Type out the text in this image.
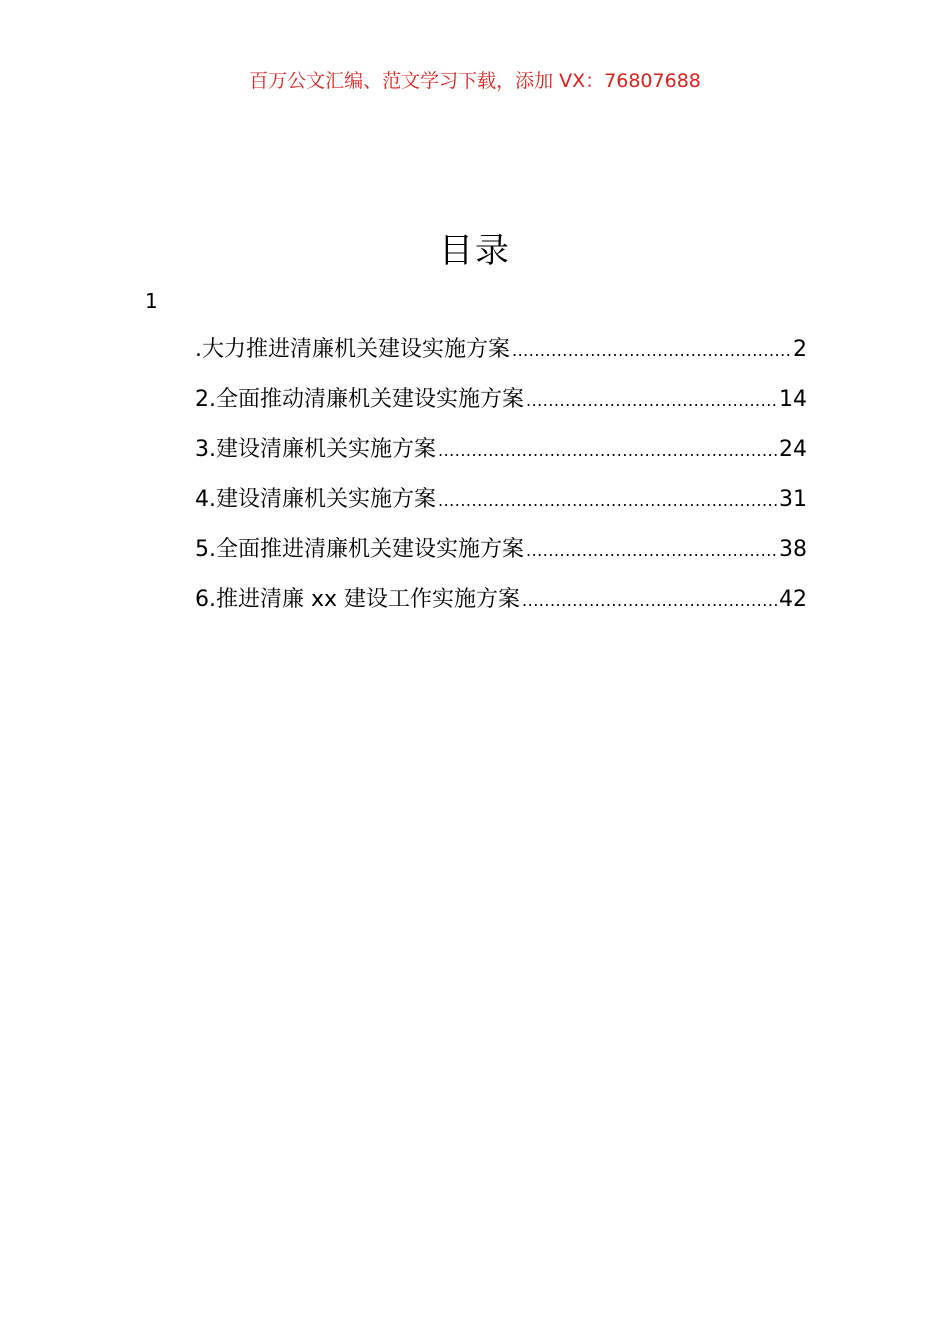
百万公文汇编、范文学习下载，添加 VX：76807688
目录
1
.大力推进清廉机关建设实施方案 .....	2
2.全面推动清廉机关建设实施方案 .....	14
3.建设清廉机关实施方案 .....	24
4.建设清廉机关实施方案 .....	31
5.全面推进清廉机关建设实施方案 .....	38
6.推进清廉 xx 建设工作实施方案 .....	42
